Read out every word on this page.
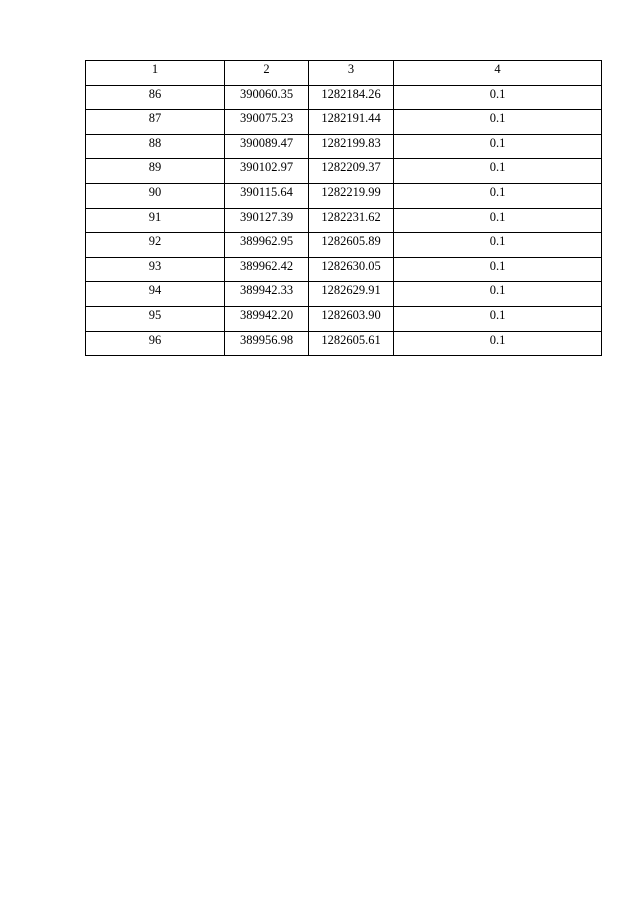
1	2	3	4
86	390060.35	1282184.26	0.1
87	390075.23	1282191.44	0.1
88	390089.47	1282199.83	0.1
89	390102.97	1282209.37	0.1
90	390115.64	1282219.99	0.1
91	390127.39	1282231.62	0.1
92	389962.95	1282605.89	0.1
93	389962.42	1282630.05	0.1
94	389942.33	1282629.91	0.1
95	389942.20	1282603.90	0.1
96	389956.98	1282605.61	0.1
